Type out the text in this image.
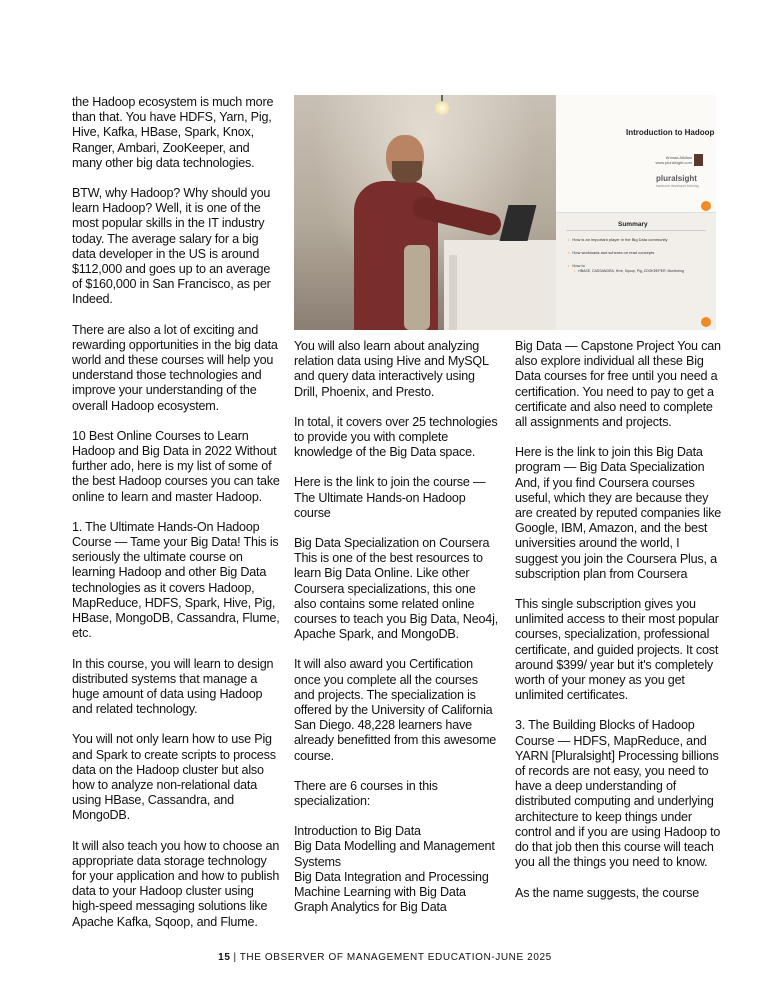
the Hadoop ecosystem is much more than that. You have HDFS, Yarn, Pig, Hive, Kafka, HBase, Spark, Knox, Ranger, Ambari, ZooKeeper, and many other big data technologies.

BTW, why Hadoop? Why should you learn Hadoop? Well, it is one of the most popular skills in the IT industry today. The average salary for a big data developer in the US is around $112,000 and goes up to an average of $160,000 in San Francisco, as per Indeed.

There are also a lot of exciting and rewarding opportunities in the big data world and these courses will help you understand those technologies and improve your understanding of the overall Hadoop ecosystem.

10 Best Online Courses to Learn Hadoop and Big Data in 2022 Without further ado, here is my list of some of the best Hadoop courses you can take online to learn and master Hadoop.

1. The Ultimate Hands-On Hadoop Course — Tame your Big Data! This is seriously the ultimate course on learning Hadoop and other Big Data technologies as it covers Hadoop, MapReduce, HDFS, Spark, Hive, Pig, HBase, MongoDB, Cassandra, Flume, etc.

In this course, you will learn to design distributed systems that manage a huge amount of data using Hadoop and related technology.

You will not only learn how to use Pig and Spark to create scripts to process data on the Hadoop cluster but also how to analyze non-relational data using HBase, Cassandra, and MongoDB.

It will also teach you how to choose an appropriate data storage technology for your application and how to publish data to your Hadoop cluster using high-speed messaging solutions like Apache Kafka, Sqoop, and Flume.

Introduction to Hadoop
Ahmad Alkilani
www.pluralsight.com
pluralsight
hardcore developer training
Summary
• How is an important player in the Big Data community
• How workloads and schema on read concepts
• How to
• HBASE, CASSANDRA, Hive, Sqoop, Pig, ZOOKEEPER, Monitoring

You will also learn about analyzing relation data using Hive and MySQL and query data interactively using Drill, Phoenix, and Presto.

In total, it covers over 25 technologies to provide you with complete knowledge of the Big Data space.

Here is the link to join the course — The Ultimate Hands-on Hadoop course

Big Data Specialization on Coursera This is one of the best resources to learn Big Data Online. Like other Coursera specializations, this one also contains some related online courses to teach you Big Data, Neo4j, Apache Spark, and MongoDB.

It will also award you Certification once you complete all the courses and projects. The specialization is offered by the University of California San Diego. 48,228 learners have already benefitted from this awesome course.

There are 6 courses in this specialization:

Introduction to Big Data
Big Data Modelling and Management Systems
Big Data Integration and Processing
Machine Learning with Big Data
Graph Analytics for Big Data

Big Data — Capstone Project You can also explore individual all these Big Data courses for free until you need a certification. You need to pay to get a certificate and also need to complete all assignments and projects.

Here is the link to join this Big Data program — Big Data Specialization And, if you find Coursera courses useful, which they are because they are created by reputed companies like Google, IBM, Amazon, and the best universities around the world, I suggest you join the Coursera Plus, a subscription plan from Coursera

This single subscription gives you unlimited access to their most popular courses, specialization, professional certificate, and guided projects. It cost around $399/ year but it's completely worth of your money as you get unlimited certificates.

3. The Building Blocks of Hadoop Course — HDFS, MapReduce, and YARN [Pluralsight] Processing billions of records are not easy, you need to have a deep understanding of distributed computing and underlying architecture to keep things under control and if you are using Hadoop to do that job then this course will teach you all the things you need to know.

As the name suggests, the course

15 | THE OBSERVER OF MANAGEMENT EDUCATION-JUNE 2025
